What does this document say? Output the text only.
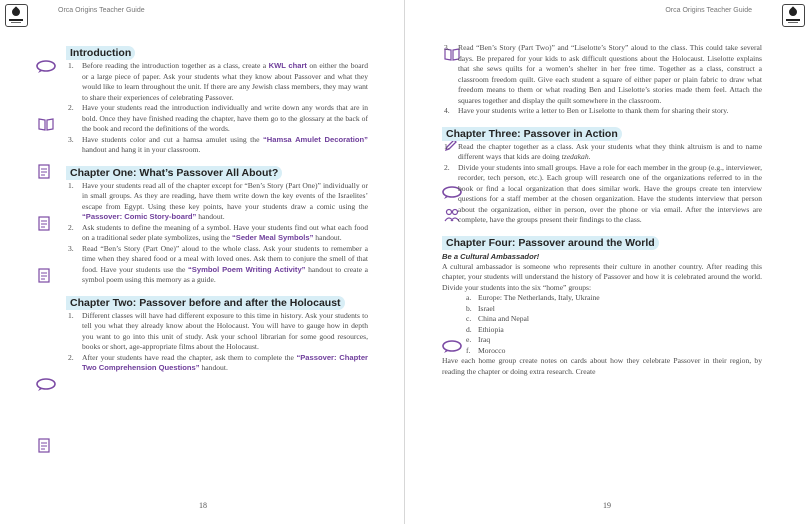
Orca Origins Teacher Guide
Introduction
1. Before reading the introduction together as a class, create a KWL chart on either the board or a large piece of paper. Ask your students what they know about Passover and what they would like to learn throughout the unit. If there are any Jewish class members, they may want to share their experiences of celebrating Passover.
2. Have your students read the introduction individually and write down any words that are in bold. Once they have finished reading the chapter, have them go to the glossary at the back of the book and record the definitions of the words.
3. Have students color and cut a hamsa amulet using the “Hamsa Amulet Decoration” handout and hang it in your classroom.
Chapter One: What’s Passover All About?
1. Have your students read all of the chapter except for “Ben’s Story (Part One)” individually or in small groups. As they are reading, have them write down the key events of the Israelites’ escape from Egypt. Using these key points, have your students draw a comic using the “Passover: Comic Story-board” handout.
2. Ask students to define the meaning of a symbol. Have your students find out what each food on a traditional seder plate symbolizes, using the “Seder Meal Symbols” handout.
3. Read “Ben’s Story (Part One)” aloud to the whole class. Ask your students to remember a time when they shared food or a meal with loved ones. Ask them to conjure the smell of that food. Have your students use the “Symbol Poem Writing Activity” handout to create a symbol poem using this memory as a guide.
Chapter Two: Passover before and after the Holocaust
1. Different classes will have had different exposure to this time in history. Ask your students to tell you what they already know about the Holocaust. You will have to gauge how in depth you want to go into this unit of study. Ask your school librarian for some good resources, books or short, age-appropriate films about the Holocaust.
2. After your students have read the chapter, ask them to complete the “Passover: Chapter Two Comprehension Questions” handout.
18
Orca Origins Teacher Guide
3. Read “Ben’s Story (Part Two)” and “Liselotte’s Story” aloud to the class. This could take several days. Be prepared for your kids to ask difficult questions about the Holocaust. Liselotte explains that she sews quilts for a women’s shelter in her free time. Together as a class, construct a classroom freedom quilt. Give each student a square of either paper or plain fabric to draw what freedom means to them or what reading Ben and Liselotte’s stories made them feel. Attach the squares together and display the quilt somewhere in the classroom.
4. Have your students write a letter to Ben or Liselotte to thank them for sharing their story.
Chapter Three: Passover in Action
1. Read the chapter together as a class. Ask your students what they think altruism is and to name different ways that kids are doing tzedakah.
2. Divide your students into small groups. Have a role for each member in the group (e.g., interviewer, recorder, tech person, etc.). Each group will research one of the organizations referred to in the book or find a local organization that does similar work. Have the groups create ten interview questions for a staff member at the chosen organization. Have the students interview that person about the organization, either in person, over the phone or via email. After the interviews are complete, have the groups present their findings to the class.
Chapter Four: Passover around the World
Be a Cultural Ambassador!

A cultural ambassador is someone who represents their culture in another country. After reading this chapter, your students will understand the history of Passover and how it is celebrated around the world. Divide your students into the six “home” groups:

a. Europe: The Netherlands, Italy, Ukraine
b. Israel
c. China and Nepal
d. Ethiopia
e. Iraq
f. Morocco

Have each home group create notes on cards about how they celebrate Passover in their region, by reading the chapter or doing extra research. Create

19
